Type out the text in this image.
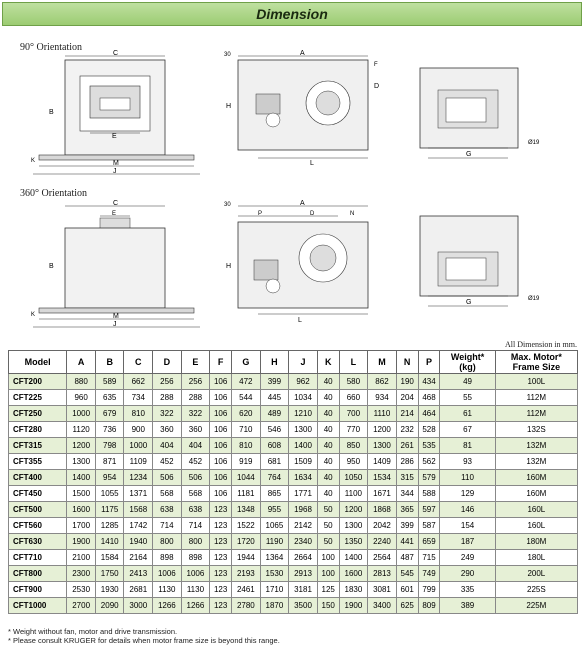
Dimension
90° Orientation
360° Orientation
C
E
B
K	M
J
30	A
D
F
H
L
G
Ø19
C
E
B
K	M
J
30	A
P	D	N
H
L
G	Ø19
All Dimension in mm.
Model	A	B	C	D	E	F	G	H	J	K	L	M	N	P	Weight*
(kg)	Max. Motor*
Frame Size
CFT200	880	589	662	256	256	106	472	399	962	40	580	862	190	434	49	100L
CFT225	960	635	734	288	288	106	544	445	1034	40	660	934	204	468	55	112M
CFT250	1000	679	810	322	322	106	620	489	1210	40	700	1110	214	464	61	112M
CFT280	1120	736	900	360	360	106	710	546	1300	40	770	1200	232	528	67	132S
CFT315	1200	798	1000	404	404	106	810	608	1400	40	850	1300	261	535	81	132M
CFT355	1300	871	1109	452	452	106	919	681	1509	40	950	1409	286	562	93	132M
CFT400	1400	954	1234	506	506	106	1044	764	1634	40	1050	1534	315	579	110	160M
CFT450	1500	1055	1371	568	568	106	1181	865	1771	40	1100	1671	344	588	129	160M
CFT500	1600	1175	1568	638	638	123	1348	955	1968	50	1200	1868	365	597	146	160L
CFT560	1700	1285	1742	714	714	123	1522	1065	2142	50	1300	2042	399	587	154	160L
CFT630	1900	1410	1940	800	800	123	1720	1190	2340	50	1350	2240	441	659	187	180M
CFT710	2100	1584	2164	898	898	123	1944	1364	2664	100	1400	2564	487	715	249	180L
CFT800	2300	1750	2413	1006	1006	123	2193	1530	2913	100	1600	2813	545	749	290	200L
CFT900	2530	1930	2681	1130	1130	123	2461	1710	3181	125	1830	3081	601	799	335	225S
CFT1000	2700	2090	3000	1266	1266	123	2780	1870	3500	150	1900	3400	625	809	389	225M
* Weight without fan, motor and drive transmission.
* Please consult KRUGER for details when motor frame size is beyond this range.
